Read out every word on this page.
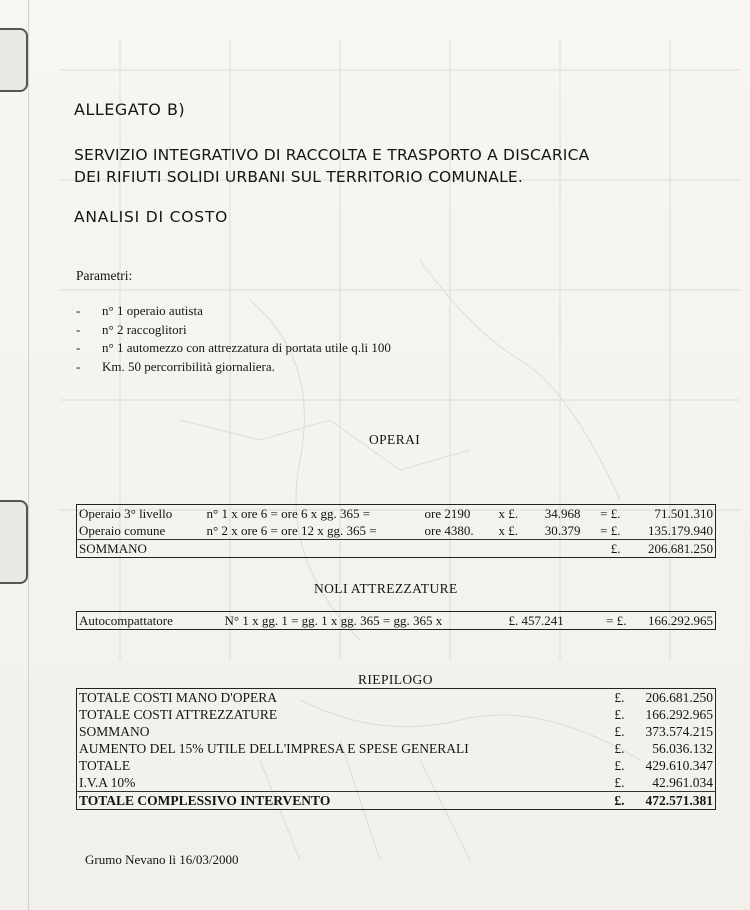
ALLEGATO B)
SERVIZIO INTEGRATIVO DI RACCOLTA E TRASPORTO A DISCARICA
DEI RIFIUTI SOLIDI URBANI SUL TERRITORIO COMUNALE.
ANALISI DI COSTO
Parametri:
- n° 1 operaio autista
- n° 2 raccoglitori
- n° 1 automezzo con attrezzatura di portata utile q.li 100
- Km. 50 percorribilità giornaliera.
OPERAI
Operaio 3° livello	n° 1 x ore 6 = ore 6 x gg. 365 =	ore 2190	x £.	34.968	= £.	71.501.310
Operaio comune	n° 2 x ore 6 = ore 12 x gg. 365 =	ore 4380.	x £.	30.379	= £.	135.179.940
SOMMANO					£.	206.681.250
NOLI ATTREZZATURE
Autocompattatore	N° 1 x gg. 1 = gg. 1 x gg. 365 = gg. 365 x	£. 457.241	= £.	166.292.965
RIEPILOGO
TOTALE COSTI MANO D'OPERA	£.	206.681.250
TOTALE COSTI ATTREZZATURE	£.	166.292.965
SOMMANO	£.	373.574.215
AUMENTO DEL 15% UTILE DELL'IMPRESA E SPESE GENERALI	£.	56.036.132
TOTALE	£.	429.610.347
I.V.A 10%	£.	42.961.034
TOTALE COMPLESSIVO INTERVENTO	£.	472.571.381
Grumo Nevano lì 16/03/2000
